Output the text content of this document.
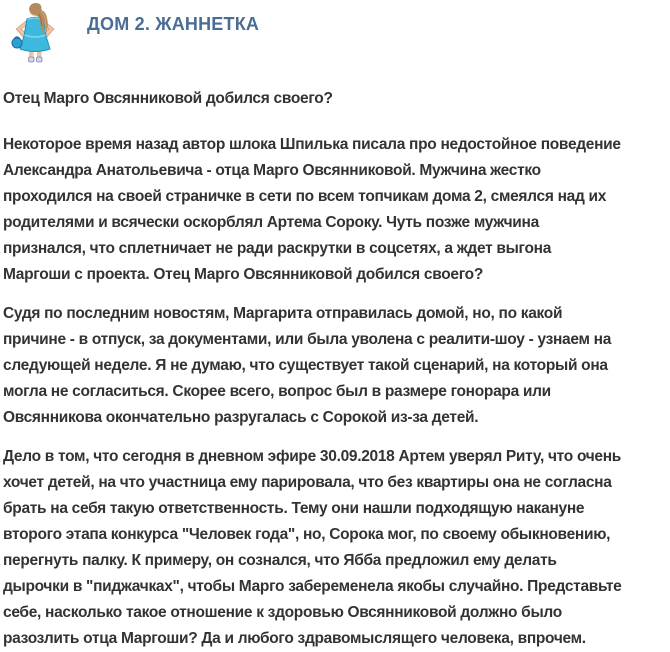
ДОМ 2. ЖАННЕТКА
Отец Марго Овсянниковой добился своего?
Некоторое время назад автор шлока Шпилька писала про недостойное поведение
Александра Анатольевича - отца Марго Овсянниковой. Мужчина жестко
проходился на своей страничке в сети по всем топчикам дома 2, смеялся над их
родителями и всячески оскорблял Артема Сороку. Чуть позже мужчина
признался, что сплетничает не ради раскрутки в соцсетях, а ждет выгона
Маргоши с проекта. Отец Марго Овсянниковой добился своего?
Судя по последним новостям, Маргарита отправилась домой, но, по какой
причине - в отпуск, за документами, или была уволена с реалити-шоу - узнаем на
следующей неделе. Я не думаю, что существует такой сценарий, на который она
могла не согласиться. Скорее всего, вопрос был в размере гонорара или
Овсянникова окончательно разругалась с Сорокой из-за детей.
Дело в том, что сегодня в дневном эфире 30.09.2018 Артем уверял Риту, что очень
хочет детей, на что участница ему парировала, что без квартиры она не согласна
брать на себя такую ответственность. Тему они нашли подходящую накануне
второго этапа конкурса "Человек года", но, Сорока мог, по своему обыкновению,
перегнуть палку. К примеру, он сознался, что Ябба предложил ему делать
дырочки в "пиджачках", чтобы Марго забеременела якобы случайно. Представьте
себе, насколько такое отношение к здоровью Овсянниковой должно было
разозлить отца Маргоши? Да и любого здравомыслящего человека, впрочем.
